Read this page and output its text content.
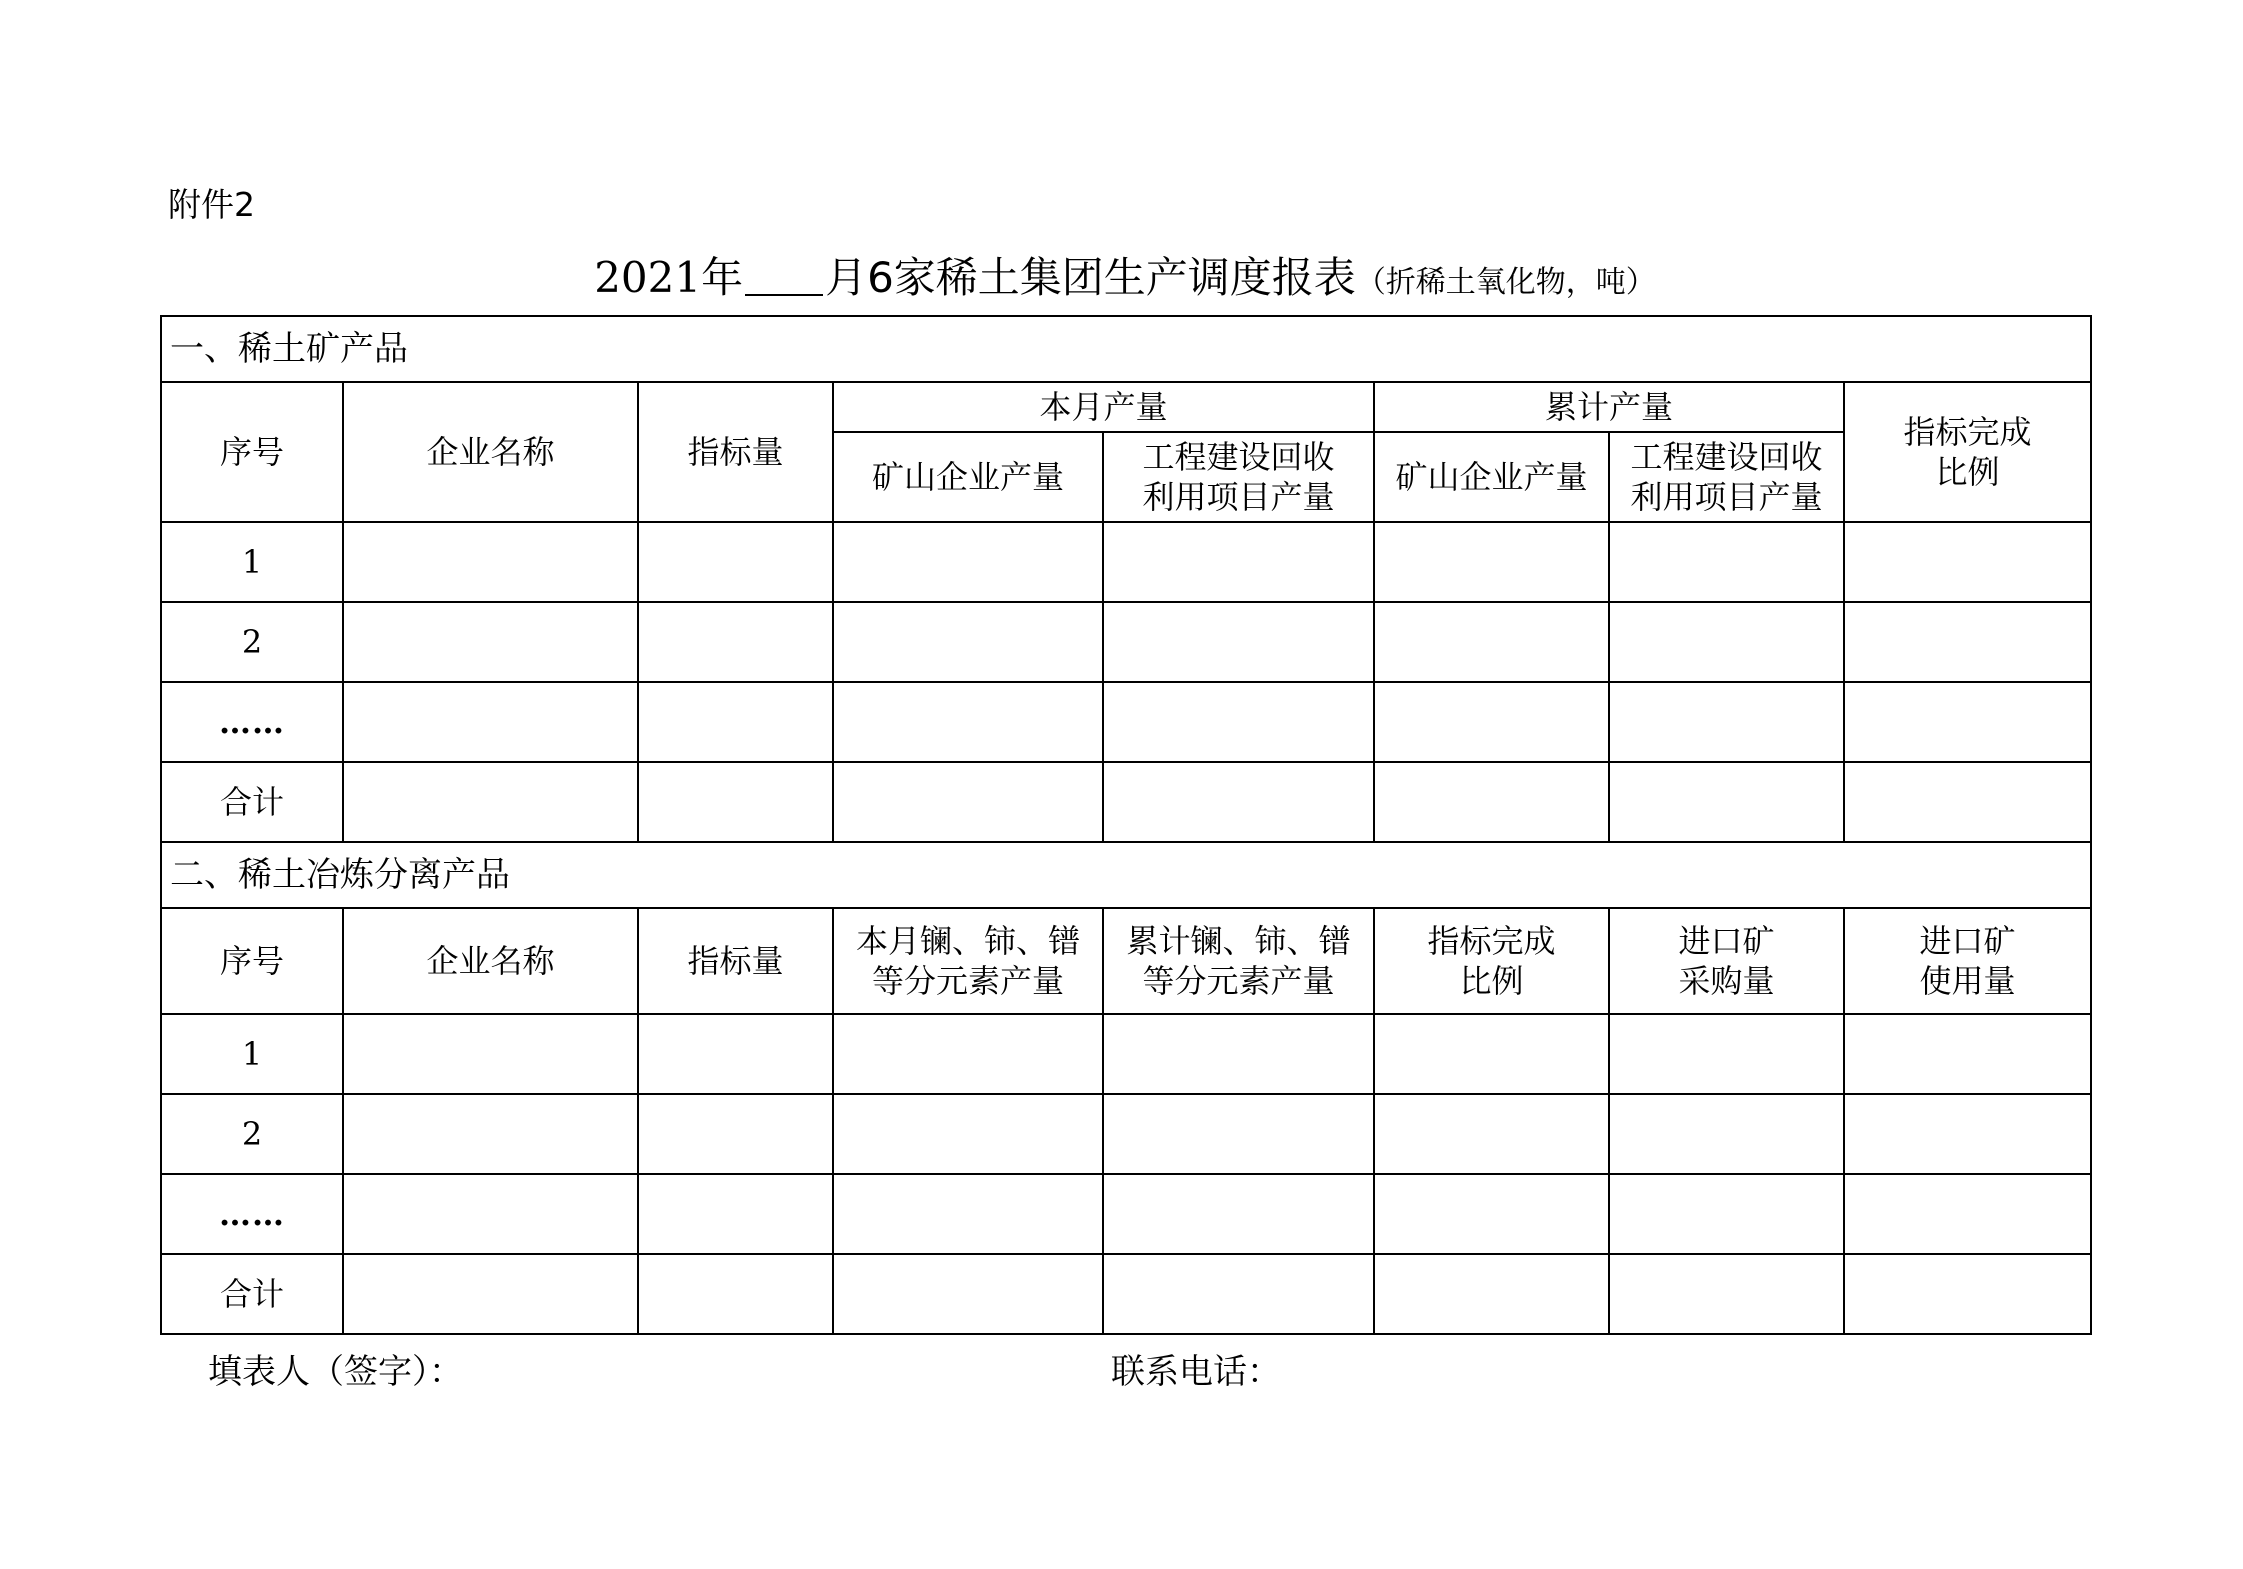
附件2
2021年 月6家稀土集团生产调度报表（折稀土氧化物，吨）
一、稀土矿产品							
序号	企业名称	指标量	本月产量		累计产量		指标完成比例

			矿山企业产量	工程建设回收利用项目产量	矿山企业产量	工程建设回收利用项目产量	

1							
2							
……							
合计							
二、稀土冶炼分离产品							
序号	企业名称	指标量	本月镧、铈、镨等分元素产量	累计镧、铈、镨等分元素产量	指标完成比例	进口矿采购量	进口矿使用量

1							
2							
……							
合计							
填表人（签字）：	联系电话：
